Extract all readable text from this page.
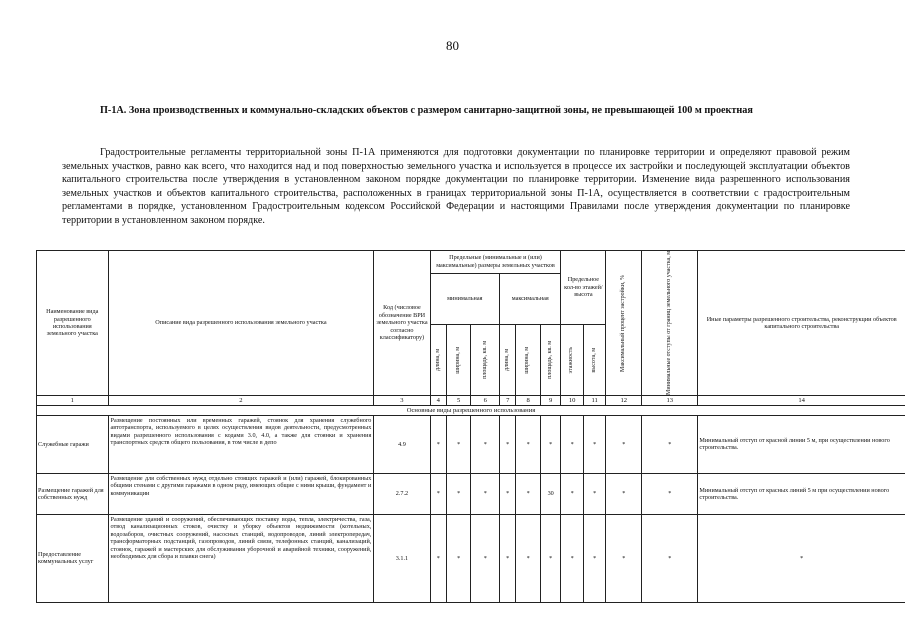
80
П-1А. Зона производственных и коммунально-складских объектов с размером санитарно-защитной зоны, не превышающей 100 м проектная
Градостроительные регламенты территориальной зоны П-1А применяются для подготовки документации по планировке территории и определяют правовой режим земельных участков, равно как всего, что находится над и под поверхностью земельного участка и используется в процессе их застройки и последующей эксплуатации объектов капитального строительства после утверждения в установленном законом порядке документации по планировке территории. Изменение вида разрешенного использования земельных участков и объектов капитального строительства, расположенных в границах территориальной зоны П-1А, осуществляется в соответствии с градостроительным регламентами в порядке, установленном Градостроительным кодексом Российской Федерации и настоящими Правилами после утверждения документации по планировке территории в установленном законом порядке.
Наименование вида разрешенного использования земельного участка	Описание вида разрешенного использования земельного участка	Код (числовое обозначение ВРИ земельного участка согласно классификатору)	Предельные (минимальные и (или) максимальные) размеры земельных участков						Предельное кол-во этажей/ высота		Максимальный процент застройки, %	Минимальные отступы от границ земельного участка, м	Иные параметры разрешенного строительства, реконструкции объектов капитального строительства
			минимальная			максимальная							

			длина, м	ширина, м	площадь, кв. м	длина, м	ширина, м	площадь, кв. м	этажность	высота, м			

1	2	3	4	5	6	7	8	9	10	11	12	13	14
Основные виды разрешенного использования													
Служебные гаражи	Размещение постоянных или временных гаражей, стоянок для хранения служебного автотранспорта, используемого в целях осуществления видов деятельности, предусмотренных видами разрешенного использования с кодами 3.0, 4.0, а также для стоянки и хранения транспортных средств общего пользования, в том числе в депо	4.9	*	*	*	*	*	*	*	*	*	*	Минимальный отступ от красной линии 5 м, при осуществлении нового строительства.
Размещение гаражей для собственных нужд	Размещение для собственных нужд отдельно стоящих гаражей и (или) гаражей, блокированных общими стенами с другими гаражами в одном ряду, имеющих общие с ними крыши, фундамент и коммуникации	2.7.2	*	*	*	*	*	30	*	*	*	*	Минимальный отступ от красных линий 5 м при осуществлении нового строительства.
Предоставление коммунальных услуг	Размещение зданий и сооружений, обеспечивающих поставку воды, тепла, электричества, газа, отвод канализационных стоков, очистку и уборку объектов недвижимости (котельных, водозаборов, очистных сооружений, насосных станций, водопроводов, линий электропередач, трансформаторных подстанций, газопроводов, линий связи, телефонных станций, канализаций, стоянок, гаражей и мастерских для обслуживания уборочной и аварийной техники, сооружений, необходимых для сбора и плавки снега)	3.1.1	*	*	*	*	*	*	*	*	*	*	*
